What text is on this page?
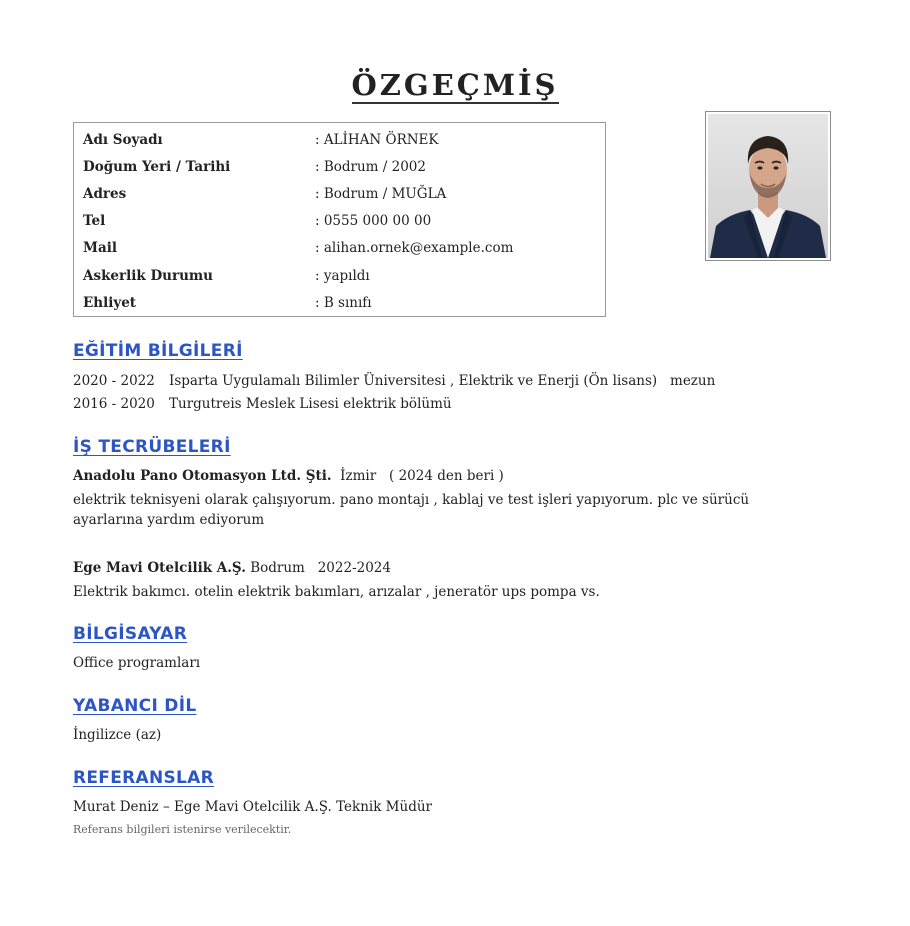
ÖZGEÇMİŞ
Adı Soyadı	: ALİHAN ÖRNEK
Doğum Yeri / Tarihi	: Bodrum / 2002
Adres	: Bodrum / MUĞLA
Tel	: 0555 000 00 00
Mail	: alihan.ornek@example.com
Askerlik Durumu	: yapıldı
Ehliyet	: B sınıfı
EĞİTİM BİLGİLERİ
2020 - 2022 Isparta Uygulamalı Bilimler Üniversitesi , Elektrik ve Enerji (Ön lisans)   mezun
2016 - 2020 Turgutreis Meslek Lisesi elektrik bölümü
İŞ TECRÜBELERİ
Anadolu Pano Otomasyon Ltd. Şti.  İzmir   ( 2024 den beri )
elektrik teknisyeni olarak çalışıyorum. pano montajı , kablaj ve test işleri yapıyorum. plc ve sürücü ayarlarına yardım ediyorum
Ege Mavi Otelcilik A.Ş. Bodrum   2022-2024
Elektrik bakımcı. otelin elektrik bakımları, arızalar , jeneratör ups pompa vs.
BİLGİSAYAR
Office programları
YABANCI DİL
İngilizce (az)
REFERANSLAR
Murat Deniz – Ege Mavi Otelcilik A.Ş. Teknik Müdür
Referans bilgileri istenirse verilecektir.
